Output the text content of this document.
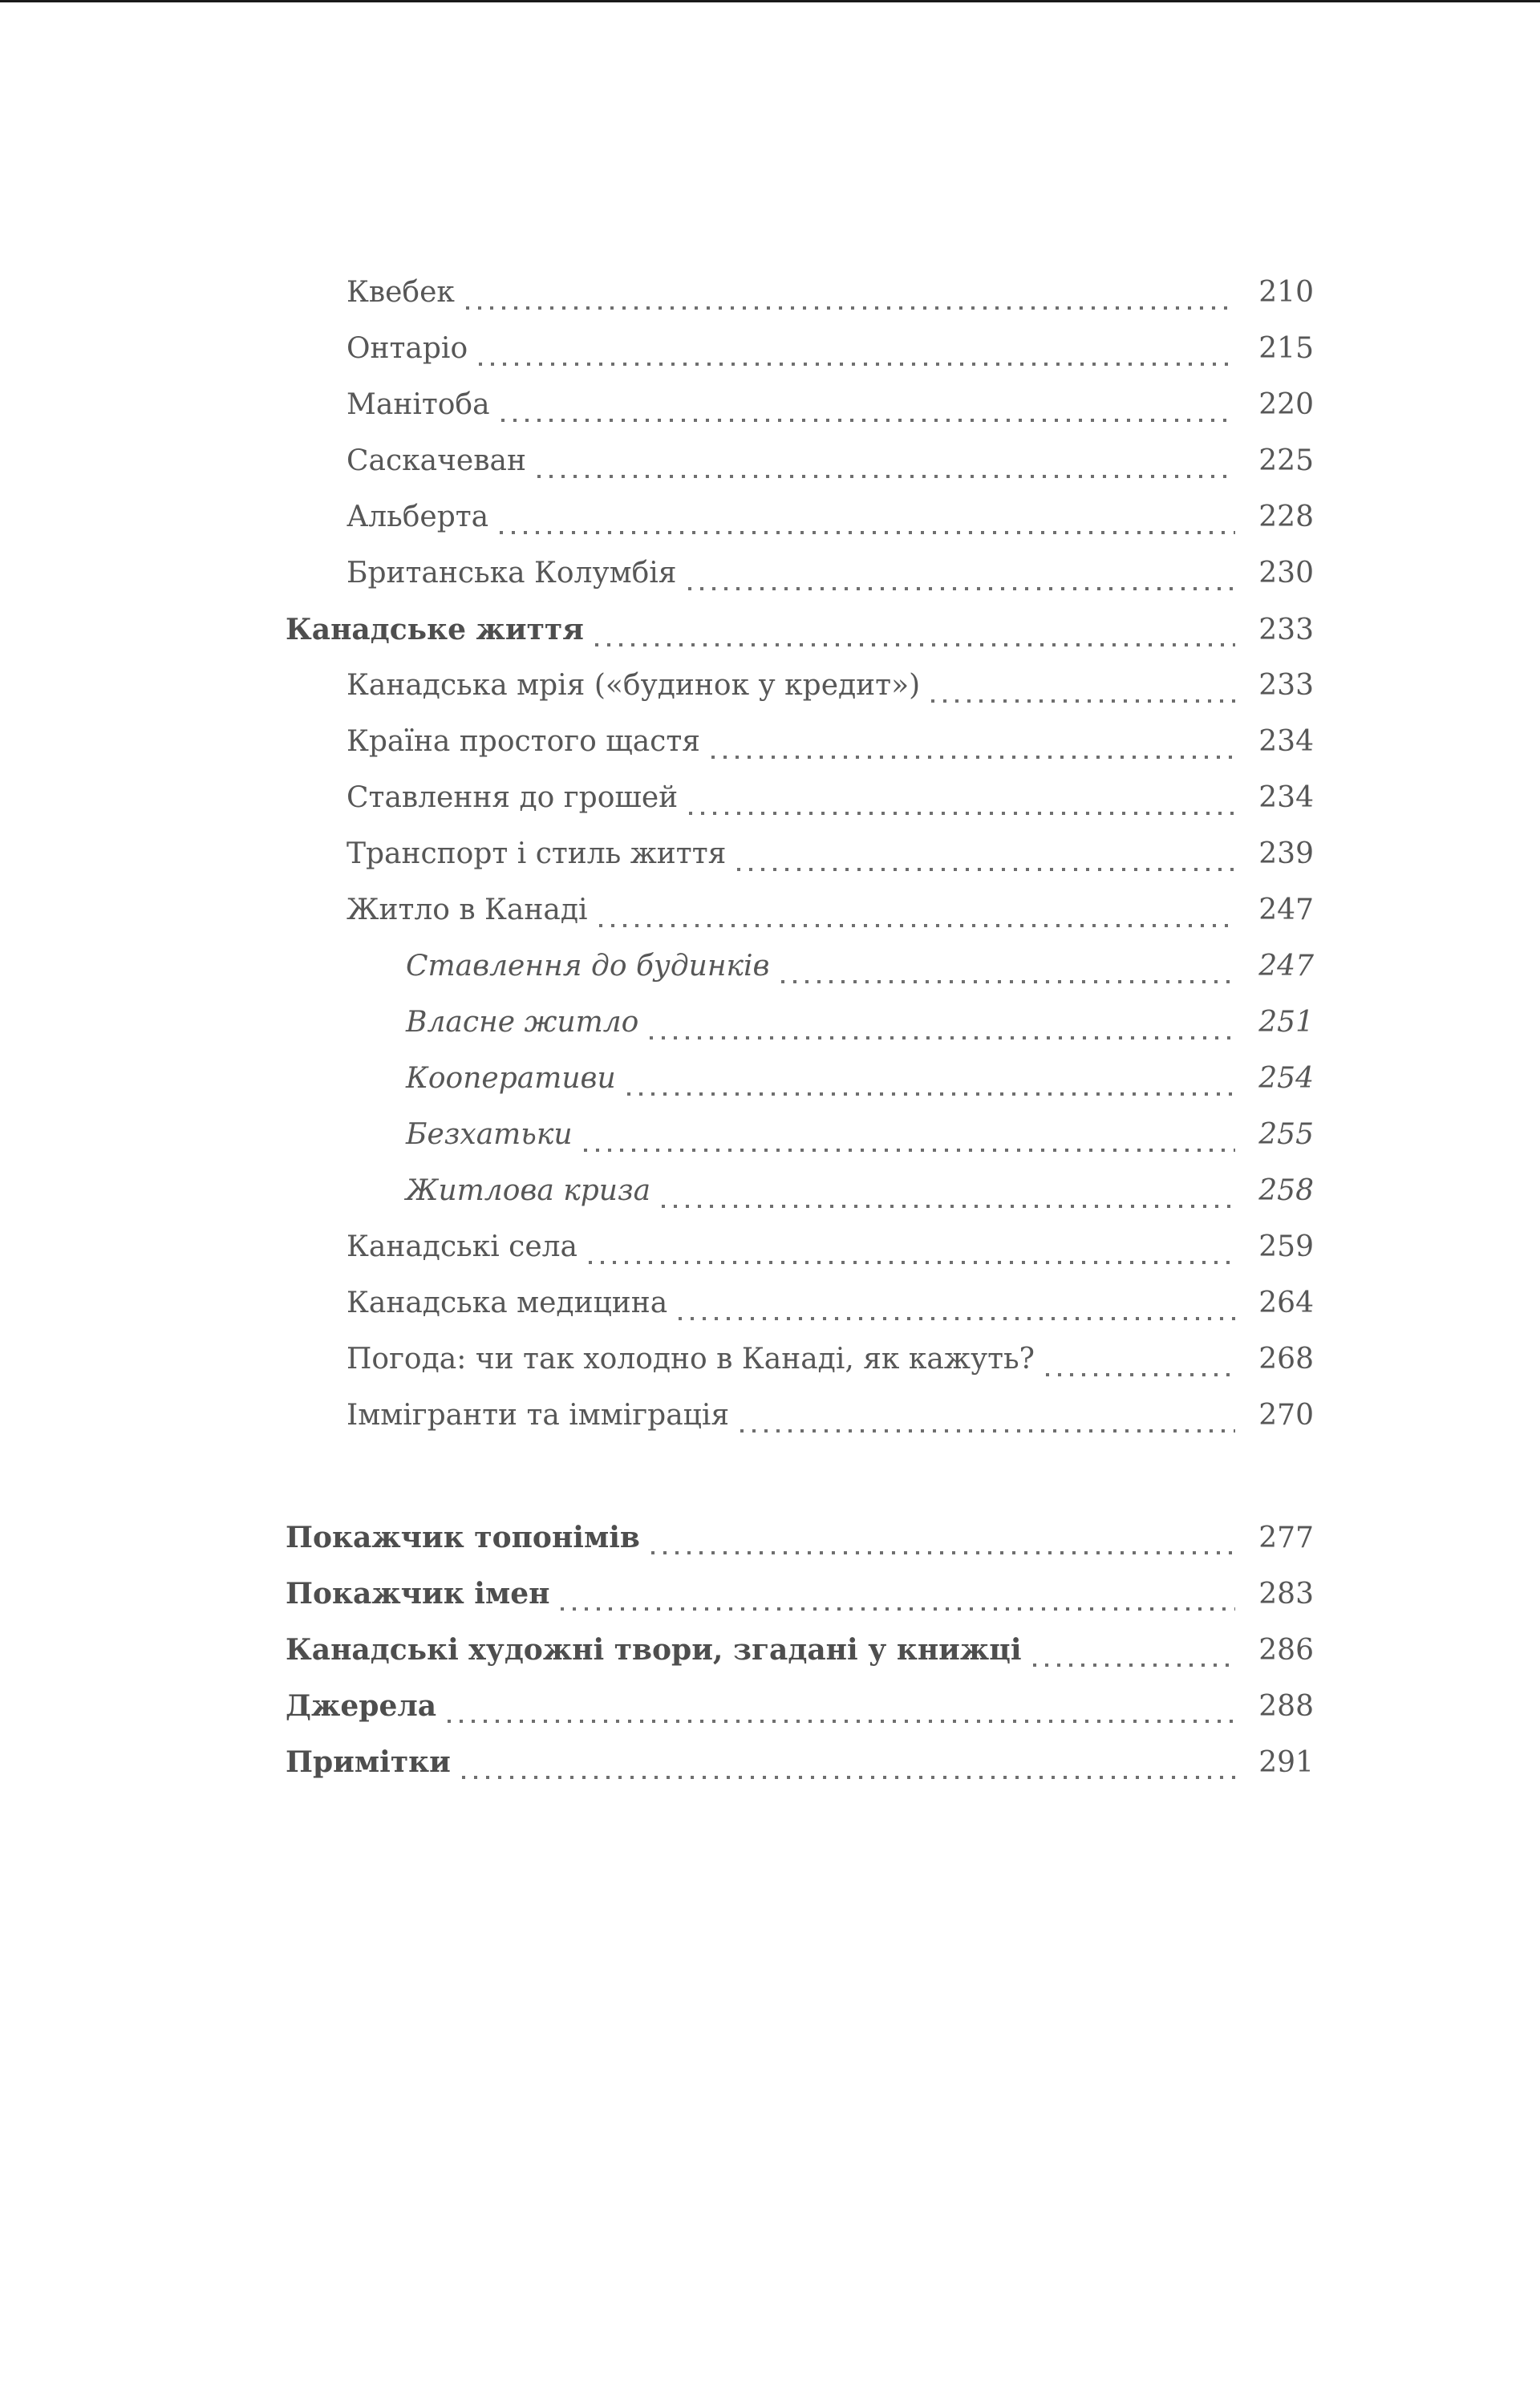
Квебек	210
Онтаріо	215
Манітоба	220
Саскачеван	225
Альберта	228
Британська Колумбія	230
Канадське життя	233
Канадська мрія («будинок у кредит»)	233
Країна простого щастя	234
Ставлення до грошей	234
Транспорт і стиль життя	239
Житло в Канаді	247
Ставлення до будинків	247
Власне житло	251
Кооперативи	254
Безхатьки	255
Житлова криза	258
Канадські села	259
Канадська медицина	264
Погода: чи так холодно в Канаді, як кажуть?	268
Іммігранти та імміграція	270
Покажчик топонімів	277
Покажчик імен	283
Канадські художні твори, згадані у книжці	286
Джерела	288
Примітки	291
